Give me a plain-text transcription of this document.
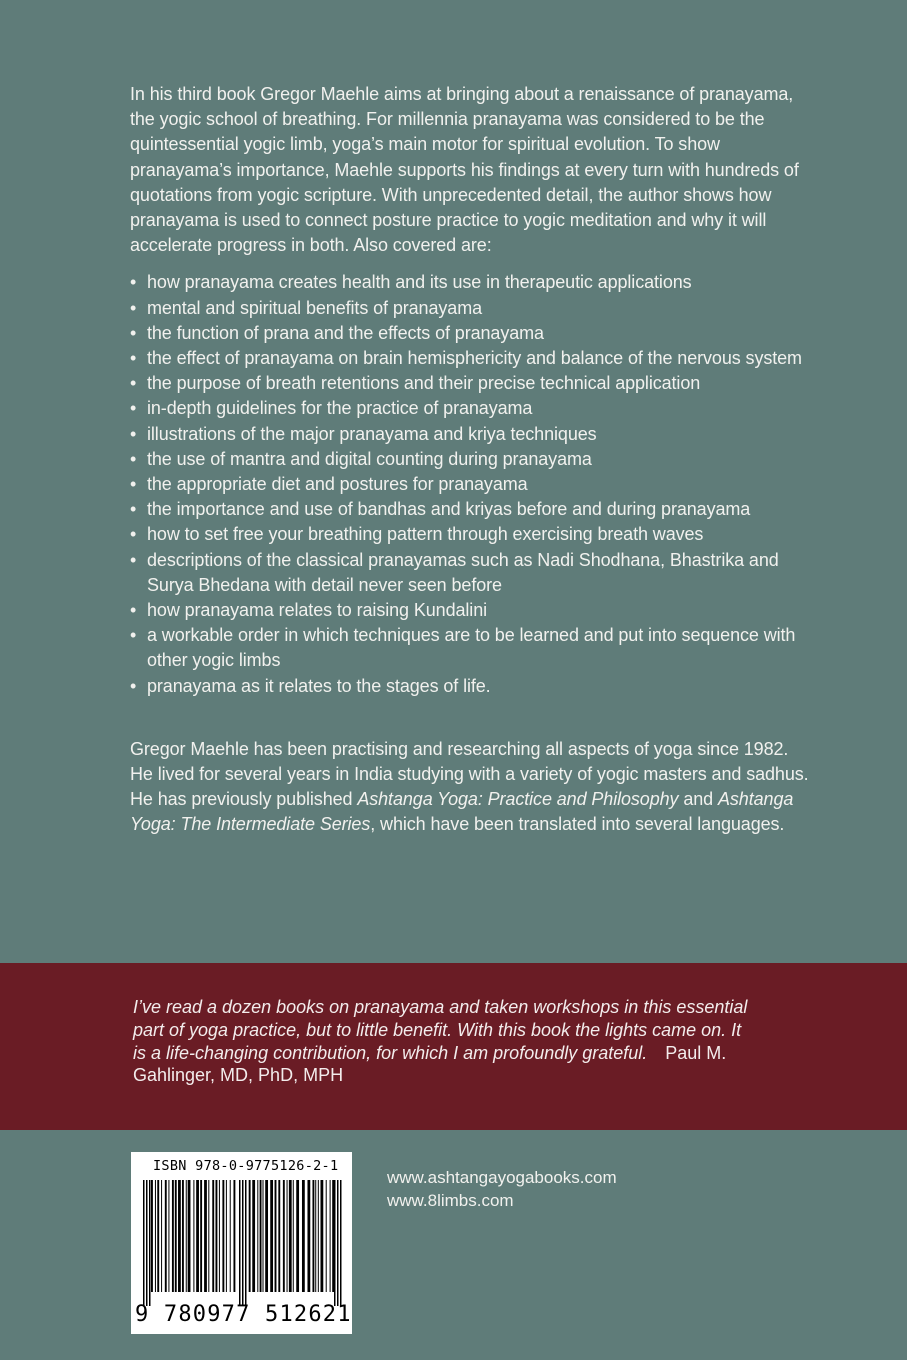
In his third book Gregor Maehle aims at bringing about a renaissance of pranayama, the yogic school of breathing. For millennia pranayama was considered to be the quintessential yogic limb, yoga’s main motor for spiritual evolution. To show pranayama’s importance, Maehle supports his findings at every turn with hundreds of quotations from yogic scripture. With unprecedented detail, the author shows how pranayama is used to connect posture practice to yogic meditation and why it will accelerate progress in both. Also covered are:

• how pranayama creates health and its use in therapeutic applications
• mental and spiritual benefits of pranayama
• the function of prana and the effects of pranayama
• the effect of pranayama on brain hemisphericity and balance of the nervous system
• the purpose of breath retentions and their precise technical application
• in-depth guidelines for the practice of pranayama
• illustrations of the major pranayama and kriya techniques
• the use of mantra and digital counting during pranayama
• the appropriate diet and postures for pranayama
• the importance and use of bandhas and kriyas before and during pranayama
• how to set free your breathing pattern through exercising breath waves
• descriptions of the classical pranayamas such as Nadi Shodhana, Bhastrika and Surya Bhedana with detail never seen before
• how pranayama relates to raising Kundalini
• a workable order in which techniques are to be learned and put into sequence with other yogic limbs
• pranayama as it relates to the stages of life.

Gregor Maehle has been practising and researching all aspects of yoga since 1982. He lived for several years in India studying with a variety of yogic masters and sadhus. He has previously published Ashtanga Yoga: Practice and Philosophy and Ashtanga Yoga: The Intermediate Series, which have been translated into several languages.

I’ve read a dozen books on pranayama and taken workshops in this essential part of yoga practice, but to little benefit. With this book the lights came on. It is a life-changing contribution, for which I am profoundly grateful. Paul M. Gahlinger, MD, PhD, MPH

ISBN 978-0-9775126-2-1
9 780977 512621
www.ashtangayogabooks.com
www.8limbs.com
